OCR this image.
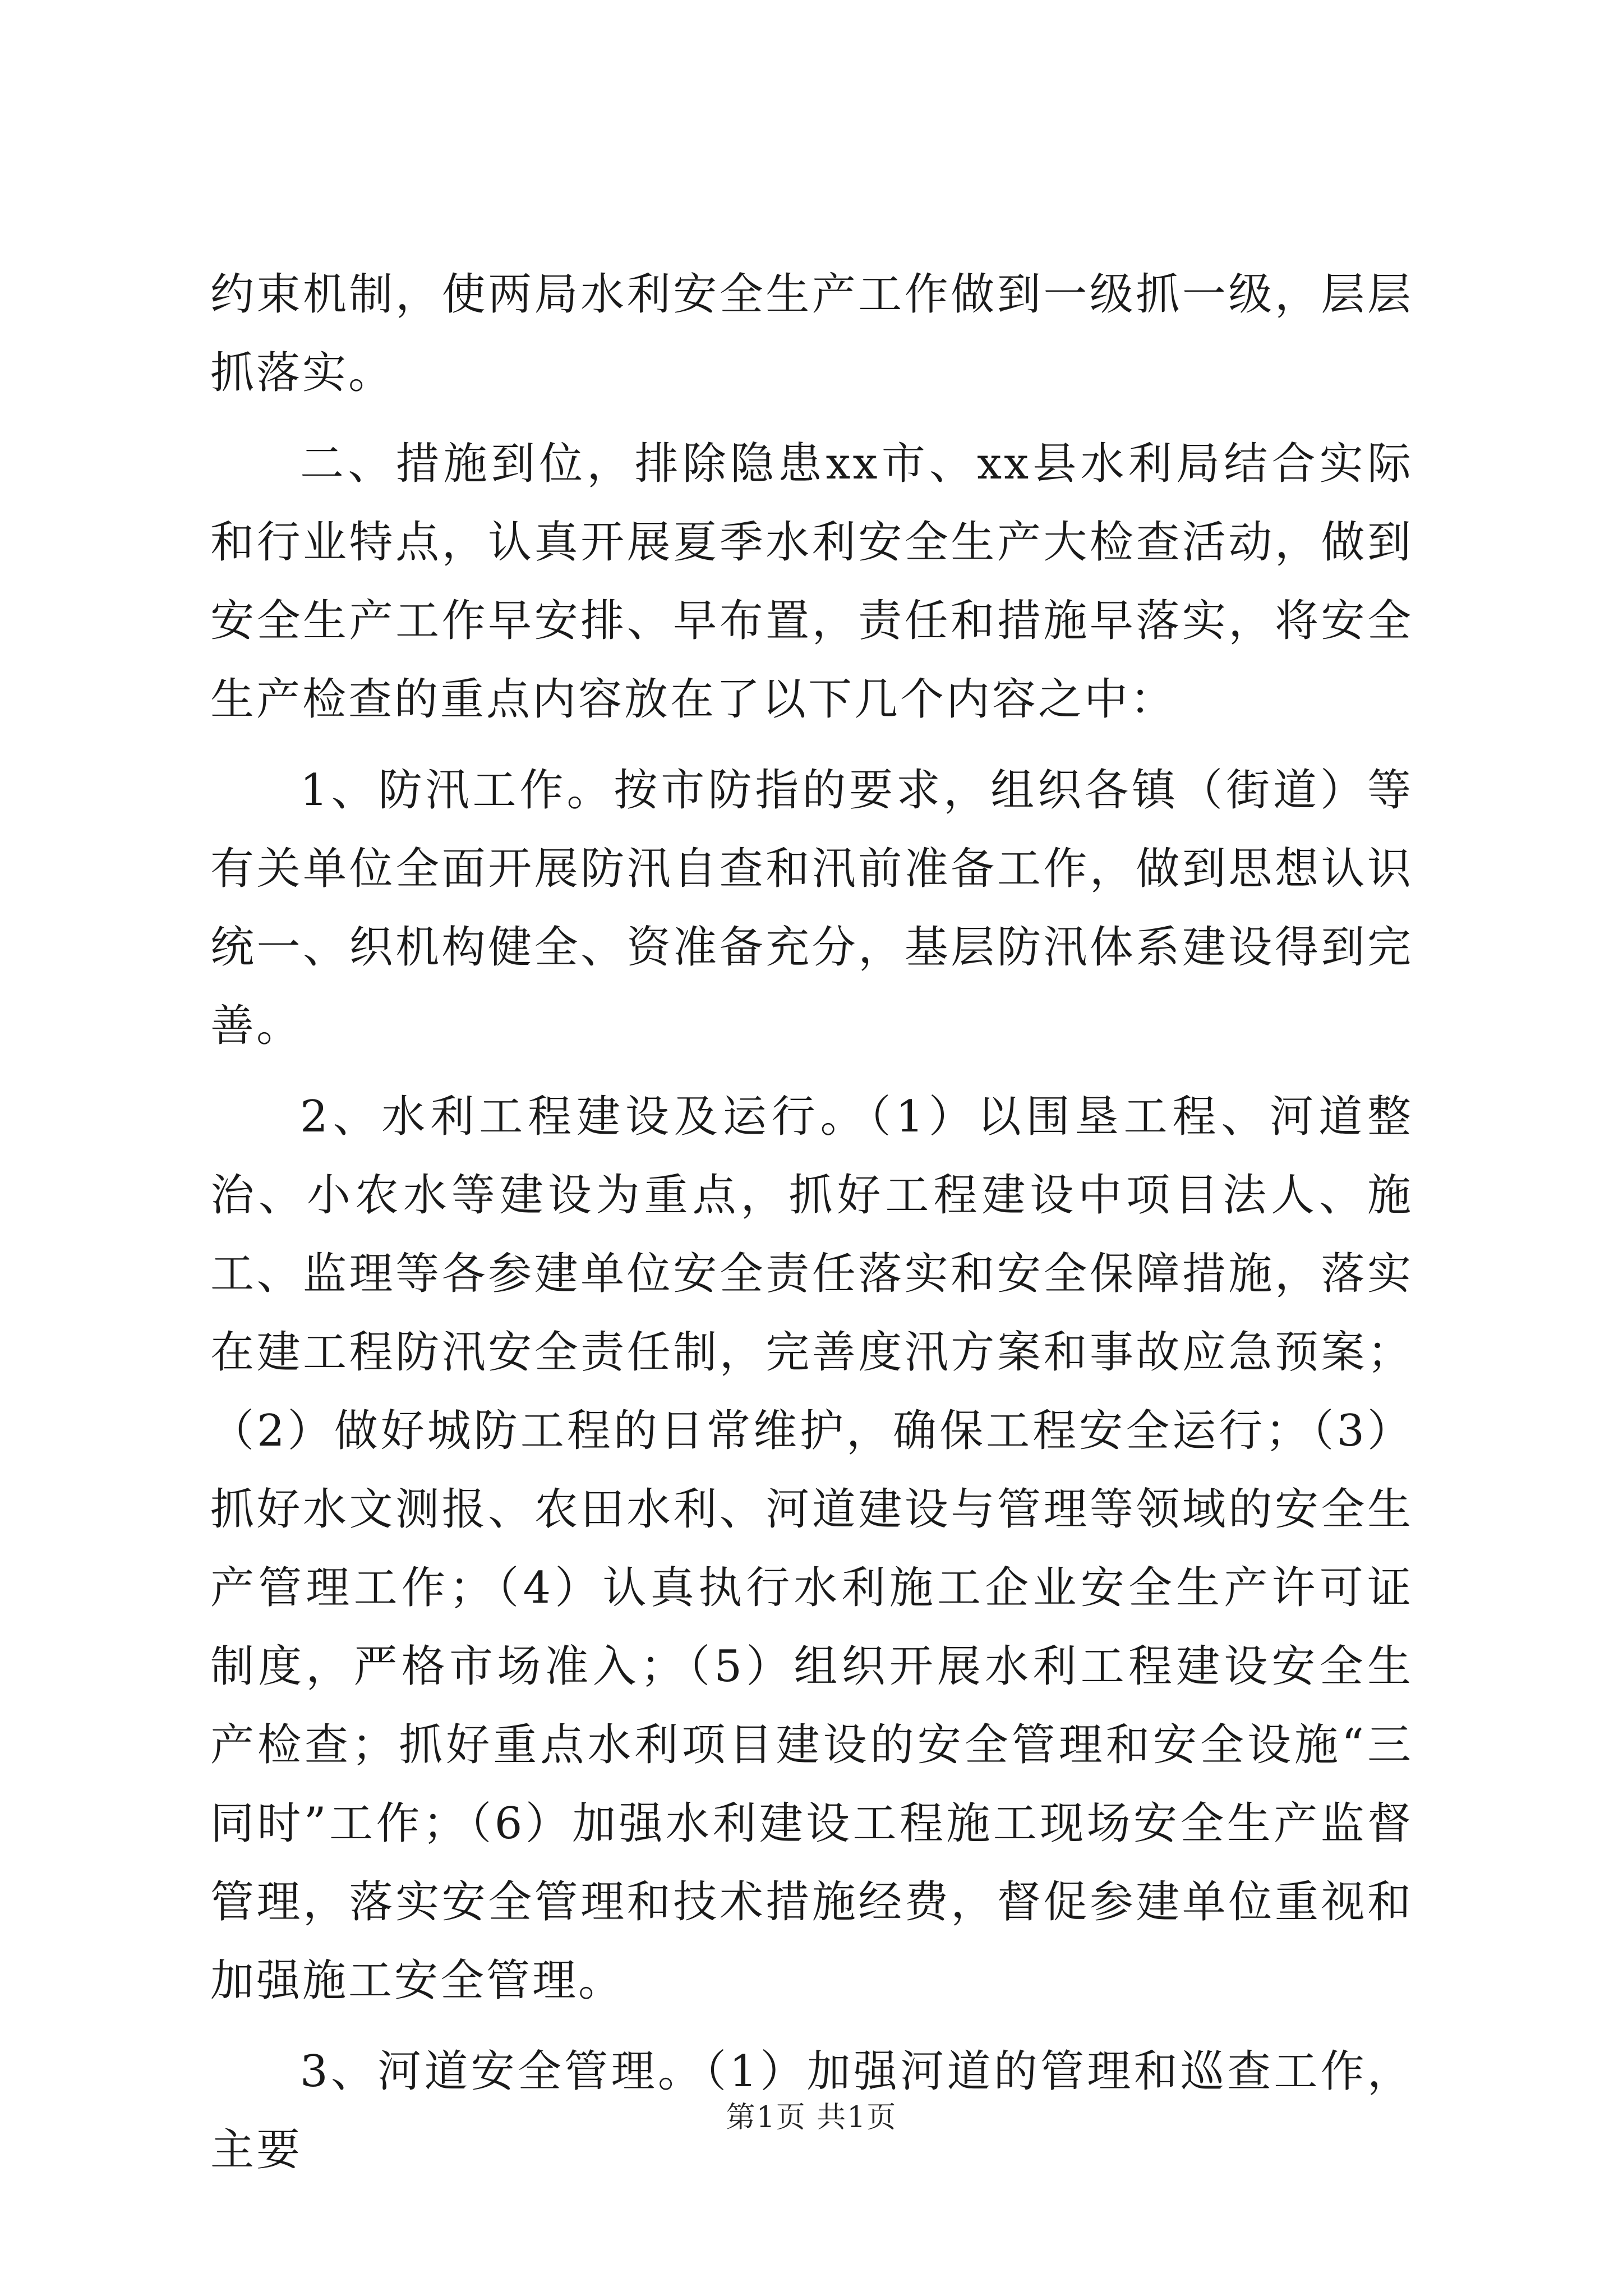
约束机制，使两局水利安全生产工作做到一级抓一级，层层抓落实。

二、措施到位，排除隐患xx市、xx县水利局结合实际和行业特点，认真开展夏季水利安全生产大检查活动，做到安全生产工作早安排、早布置，责任和措施早落实，将安全生产检查的重点内容放在了以下几个内容之中：

1、防汛工作。按市防指的要求，组织各镇（街道）等有关单位全面开展防汛自查和汛前准备工作，做到思想认识统一、织机构健全、资准备充分，基层防汛体系建设得到完善。

2、水利工程建设及运行。（1）以围垦工程、河道整治、小农水等建设为重点，抓好工程建设中项目法人、施工、监理等各参建单位安全责任落实和安全保障措施，落实在建工程防汛安全责任制，完善度汛方案和事故应急预案；（2）做好城防工程的日常维护，确保工程安全运行；（3）抓好水文测报、农田水利、河道建设与管理等领域的安全生产管理工作；（4）认真执行水利施工企业安全生产许可证制度，严格市场准入；（5）组织开展水利工程建设安全生产检查；抓好重点水利项目建设的安全管理和安全设施“三同时”工作；（6）加强水利建设工程施工现场安全生产监督管理，落实安全管理和技术措施经费，督促参建单位重视和加强施工安全管理。

3、河道安全管理。（1）加强河道的管理和巡查工作，主要

第1页 共1页
